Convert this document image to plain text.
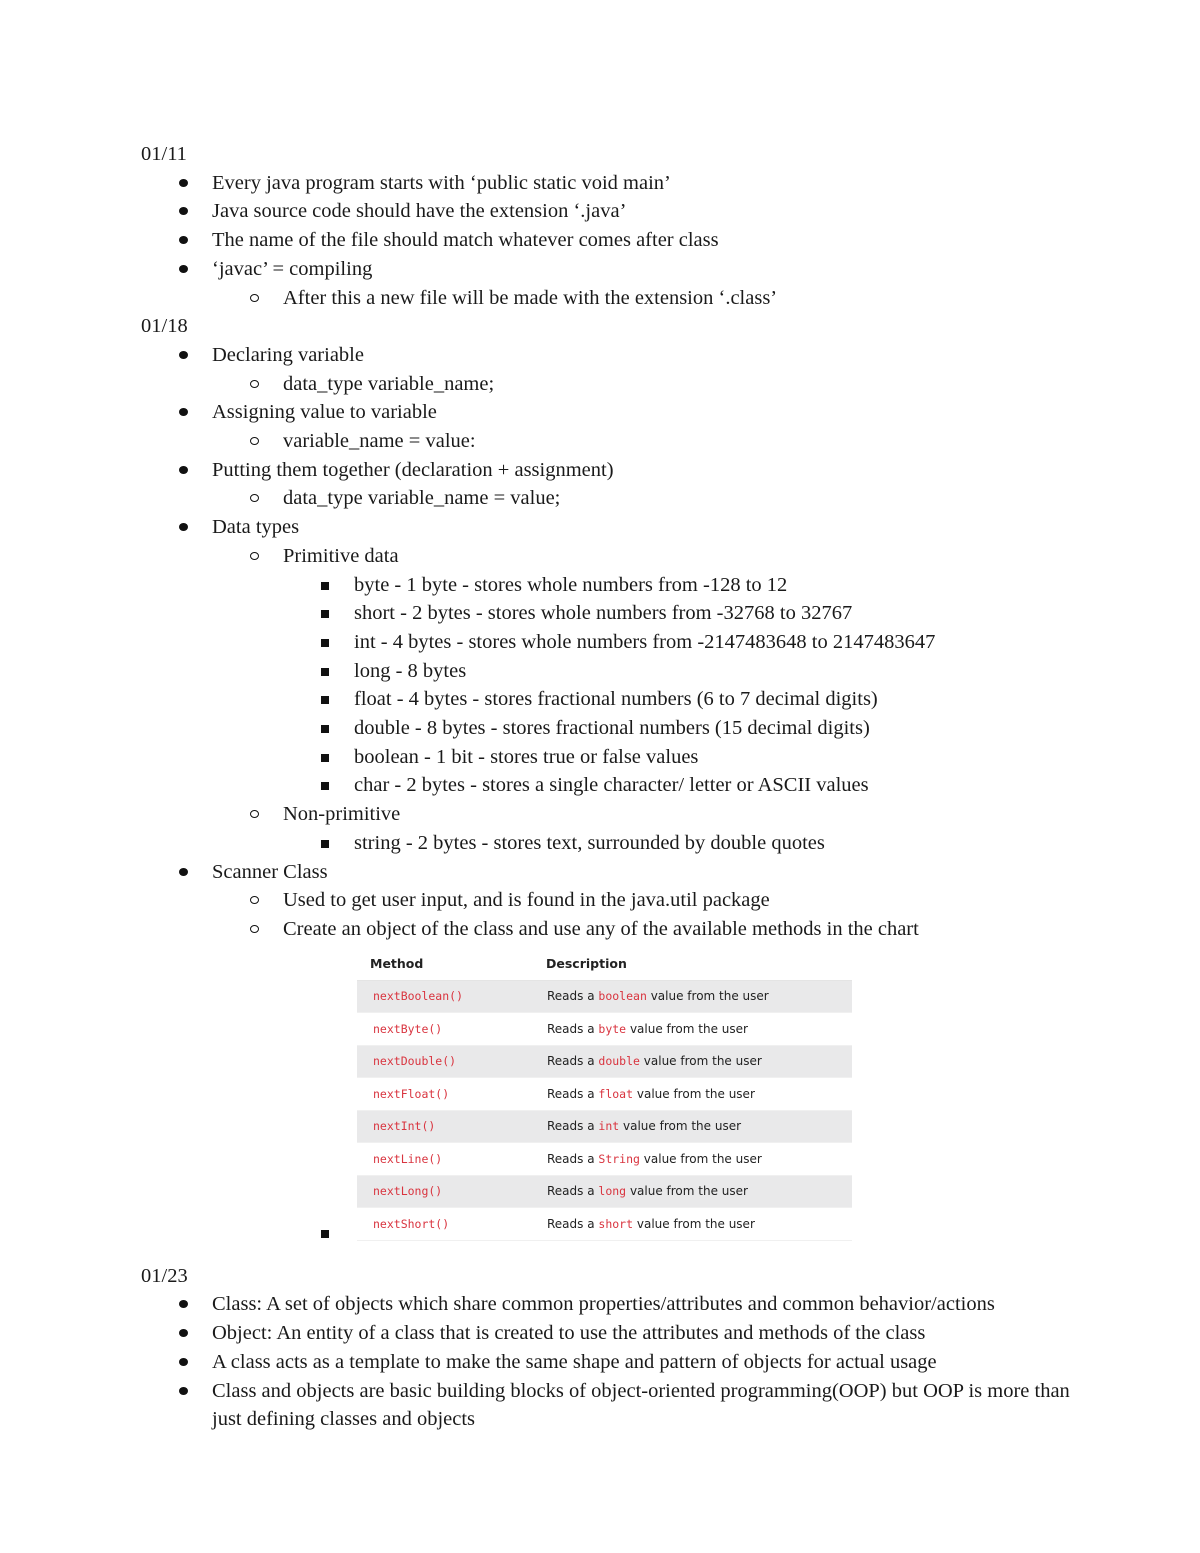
01/11
Every java program starts with ‘public static void main’
Java source code should have the extension ‘.java’
The name of the file should match whatever comes after class
‘javac’ = compiling
After this a new file will be made with the extension ‘.class’
01/18
Declaring variable
data_type variable_name;
Assigning value to variable
variable_name = value:
Putting them together (declaration + assignment)
data_type variable_name = value;
Data types
Primitive data
byte - 1 byte - stores whole numbers from -128 to 12
short - 2 bytes - stores whole numbers from -32768 to 32767
int - 4 bytes - stores whole numbers from -2147483648 to 2147483647
long - 8 bytes
float - 4 bytes - stores fractional numbers (6 to 7 decimal digits)
double - 8 bytes - stores fractional numbers (15 decimal digits)
boolean - 1 bit - stores true or false values
char - 2 bytes - stores a single character/ letter or ASCII values
Non-primitive
string - 2 bytes - stores text, surrounded by double quotes
Scanner Class
Used to get user input, and is found in the java.util package
Create an object of the class and use any of the available methods in the chart
Method	Description
nextBoolean()	Reads a boolean value from the user
nextByte()	Reads a byte value from the user
nextDouble()	Reads a double value from the user
nextFloat()	Reads a float value from the user
nextInt()	Reads a int value from the user
nextLine()	Reads a String value from the user
nextLong()	Reads a long value from the user
nextShort()	Reads a short value from the user
01/23
Class: A set of objects which share common properties/attributes and common behavior/actions
Object: An entity of a class that is created to use the attributes and methods of the class
A class acts as a template to make the same shape and pattern of objects for actual usage
Class and objects are basic building blocks of object-oriented programming(OOP) but OOP is more than just defining classes and objects
